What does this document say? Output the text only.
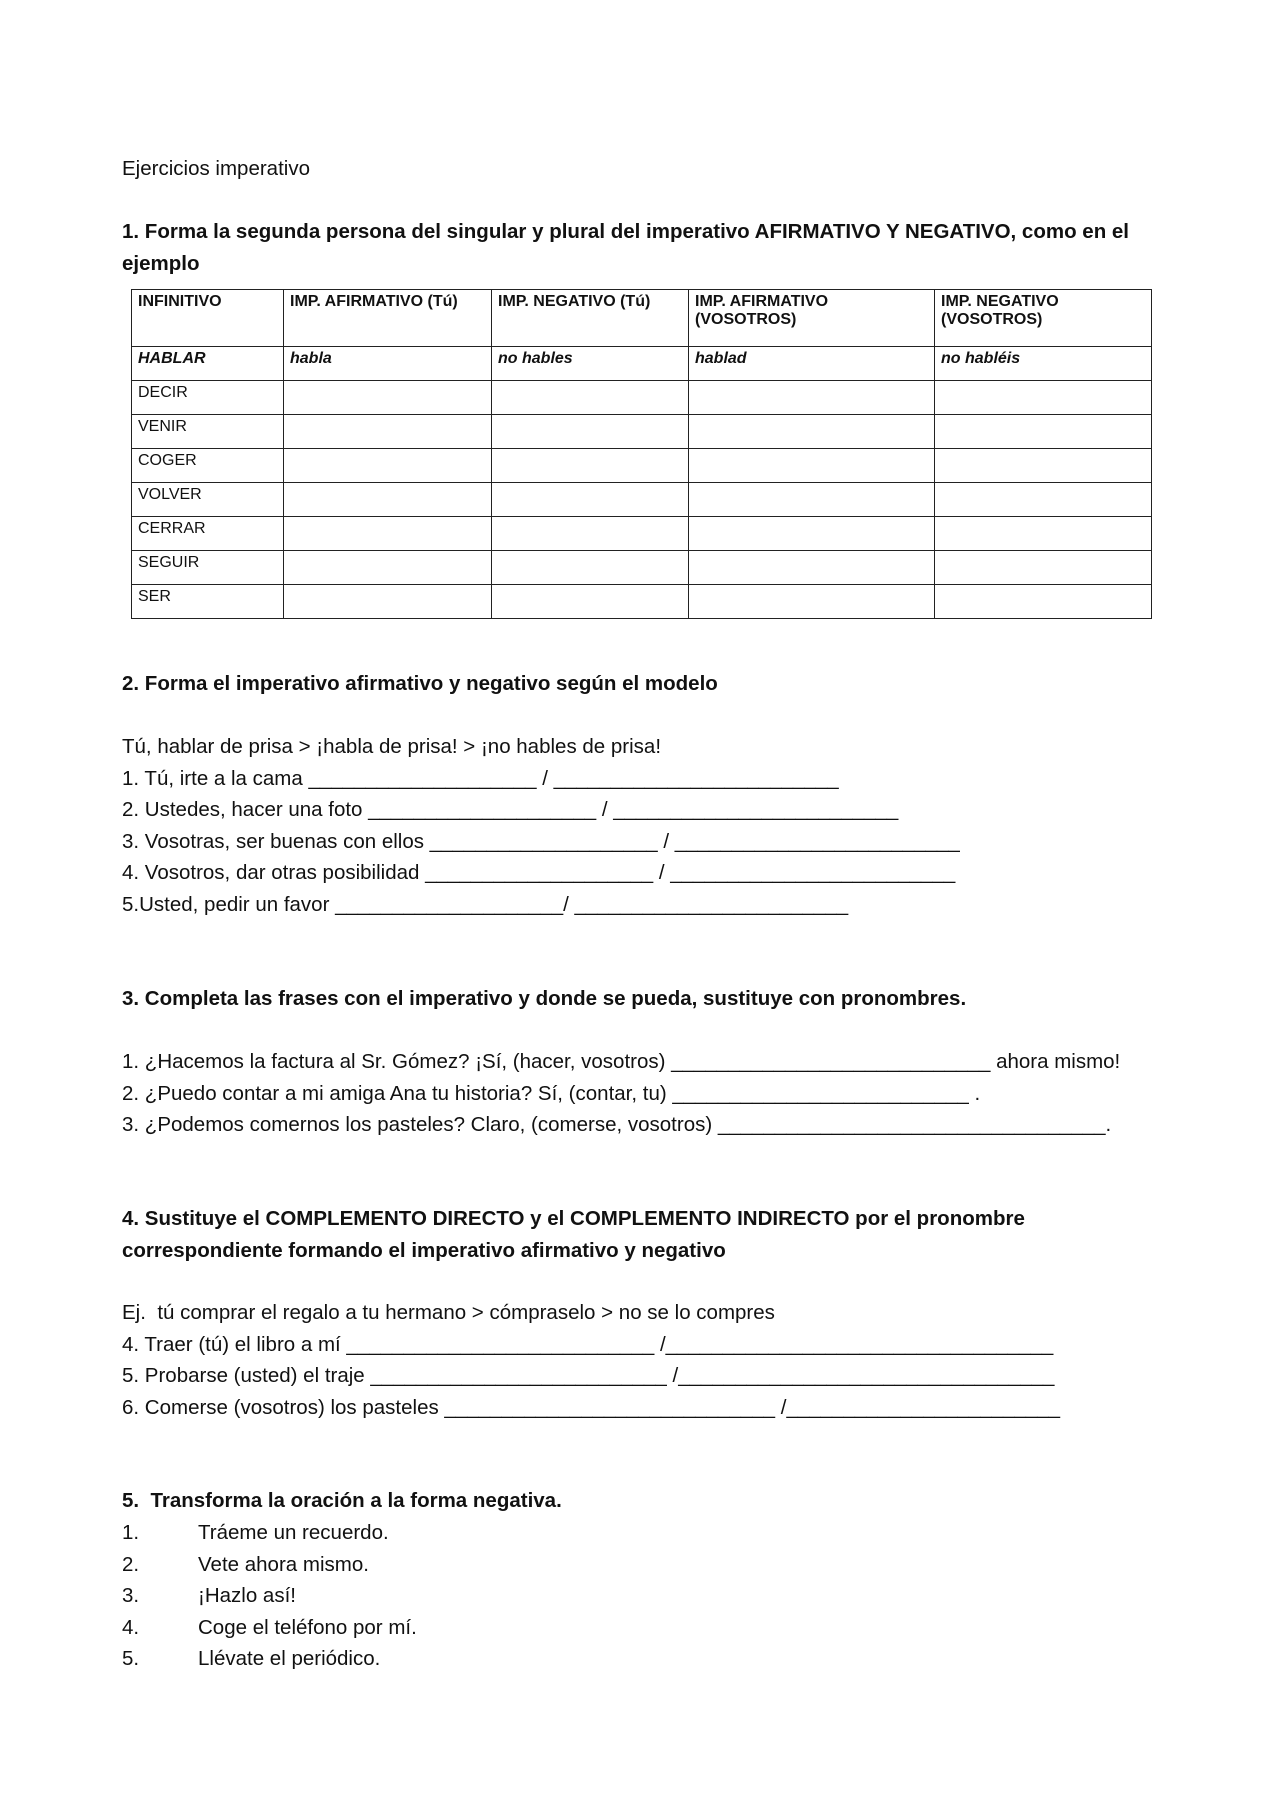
Ejercicios imperativo
1. Forma la segunda persona del singular y plural del imperativo AFIRMATIVO Y NEGATIVO, como en el ejemplo
INFINITIVO	IMP. AFIRMATIVO (Tú)	IMP. NEGATIVO (Tú)	IMP. AFIRMATIVO (VOSOTROS)	IMP. NEGATIVO (VOSOTROS)
HABLAR	habla	no hables	hablad	no habléis
DECIR				
VENIR				
COGER				
VOLVER				
CERRAR				
SEGUIR				
SER				
2. Forma el imperativo afirmativo y negativo según el modelo
Tú, hablar de prisa > ¡habla de prisa! > ¡no hables de prisa!
1. Tú, irte a la cama ____________________ / _________________________
2. Ustedes, hacer una foto ____________________ / _________________________
3. Vosotras, ser buenas con ellos ____________________ / _________________________
4. Vosotros, dar otras posibilidad ____________________ / _________________________
5.Usted, pedir un favor ____________________/ ________________________
3. Completa las frases con el imperativo y donde se pueda, sustituye con pronombres.
1. ¿Hacemos la factura al Sr. Gómez? ¡Sí, (hacer, vosotros) ____________________________ ahora mismo!
2. ¿Puedo contar a mi amiga Ana tu historia? Sí, (contar, tu) __________________________ .
3. ¿Podemos comernos los pasteles? Claro, (comerse, vosotros) __________________________________.
4. Sustituye el COMPLEMENTO DIRECTO y el COMPLEMENTO INDIRECTO por el pronombre correspondiente formando el imperativo afirmativo y negativo
Ej.  tú comprar el regalo a tu hermano > cómpraselo > no se lo compres
4. Traer (tú) el libro a mí ___________________________ /__________________________________
5. Probarse (usted) el traje __________________________ /_________________________________
6. Comerse (vosotros) los pasteles _____________________________ /________________________
5.  Transforma la oración a la forma negativa.
1.	Tráeme un recuerdo.
2.	Vete ahora mismo.
3.	¡Hazlo así!
4.	Coge el teléfono por mí.
5.	Llévate el periódico.
